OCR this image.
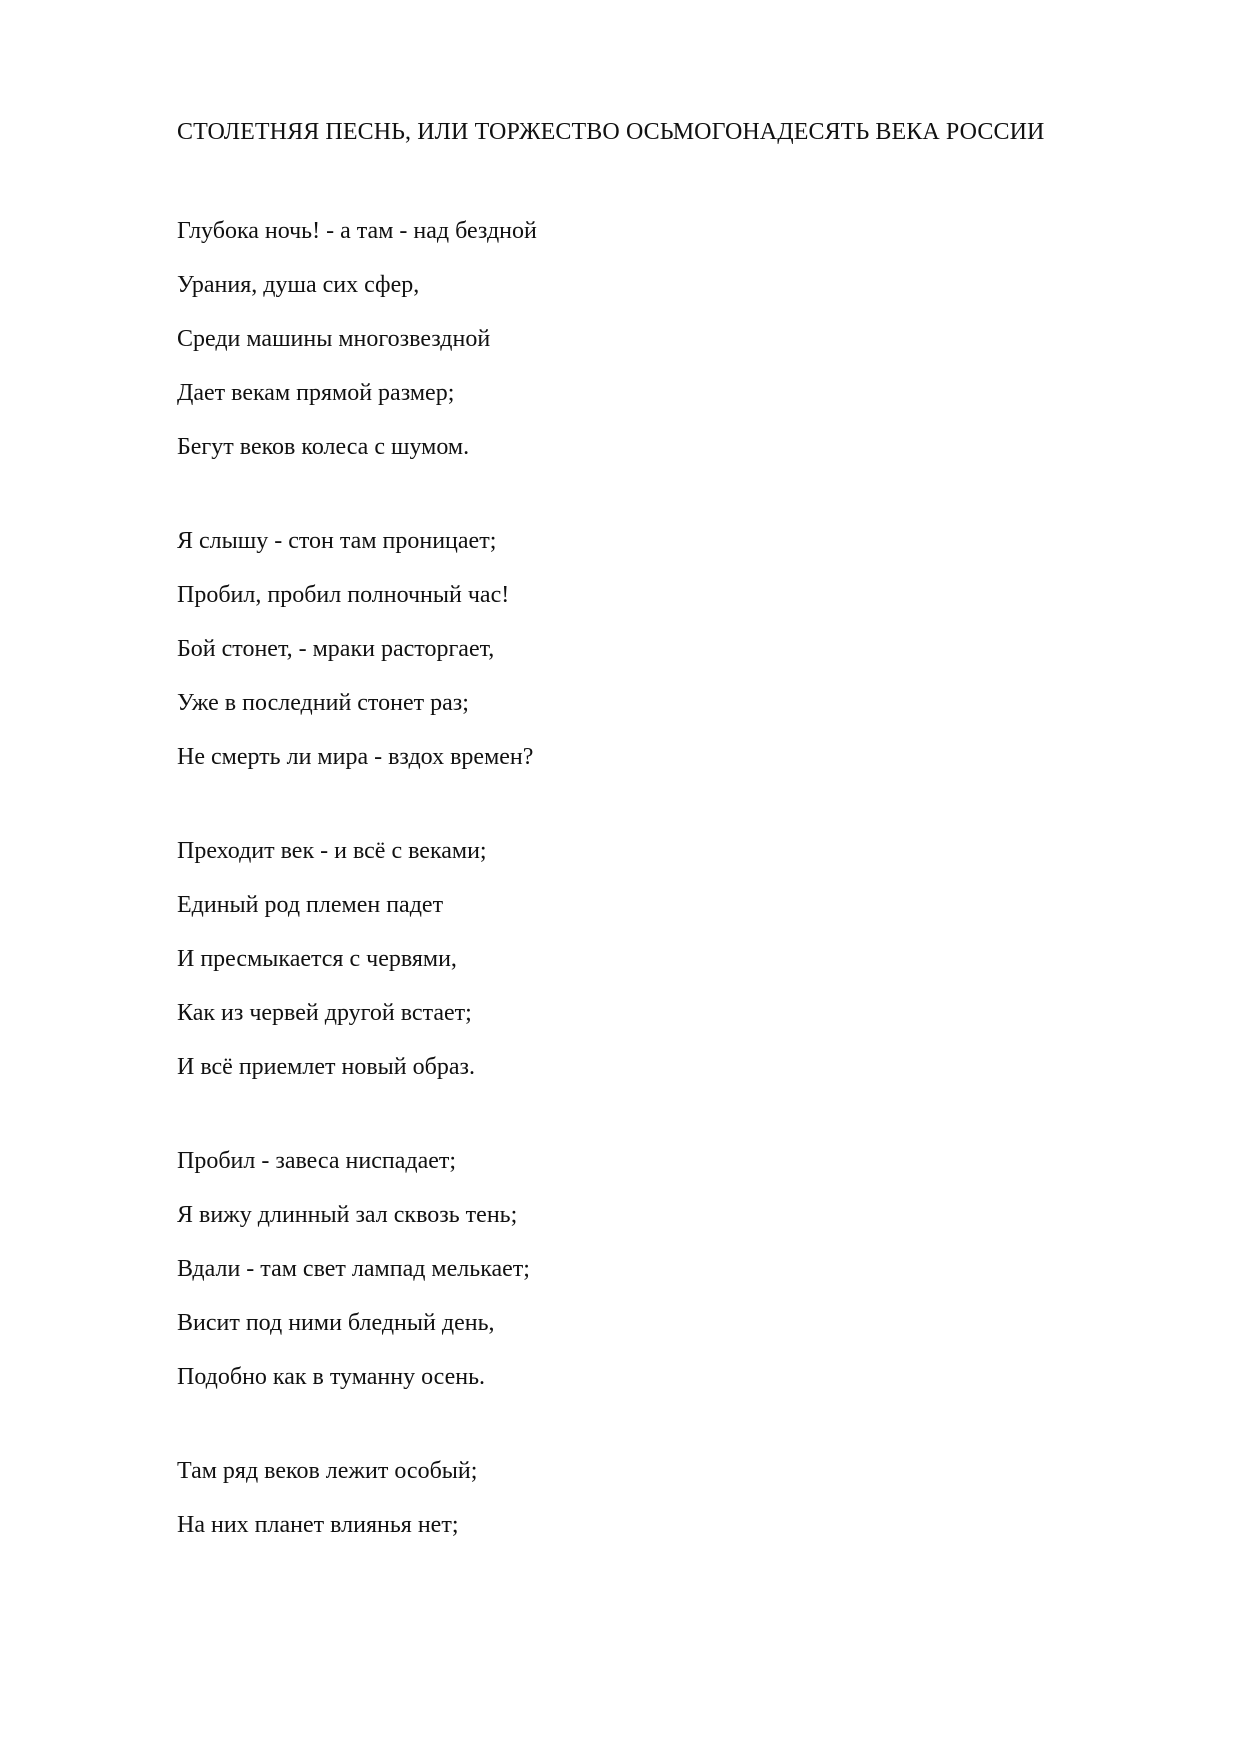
СТОЛЕТНЯЯ ПЕСНЬ, ИЛИ ТОРЖЕСТВО ОСЬМОГОНАДЕСЯТЬ ВЕКА РОССИИ
Глубока ночь! - а там - над бездной
Урания, душа сих сфер,
Среди машины многозвездной
Дает векам прямой размер;
Бегут веков колеса с шумом.
Я слышу - стон там проницает;
Пробил, пробил полночный час!
Бой стонет, - мраки расторгает,
Уже в последний стонет раз;
Не смерть ли мира - вздох времен?
Преходит век - и всё с веками;
Единый род племен падет
И пресмыкается с червями,
Как из червей другой встает;
И всё приемлет новый образ.
Пробил - завеса ниспадает;
Я вижу длинный зал сквозь тень;
Вдали - там свет лампад мелькает;
Висит под ними бледный день,
Подобно как в туманну осень.
Там ряд веков лежит особый;
На них планет влиянья нет;
